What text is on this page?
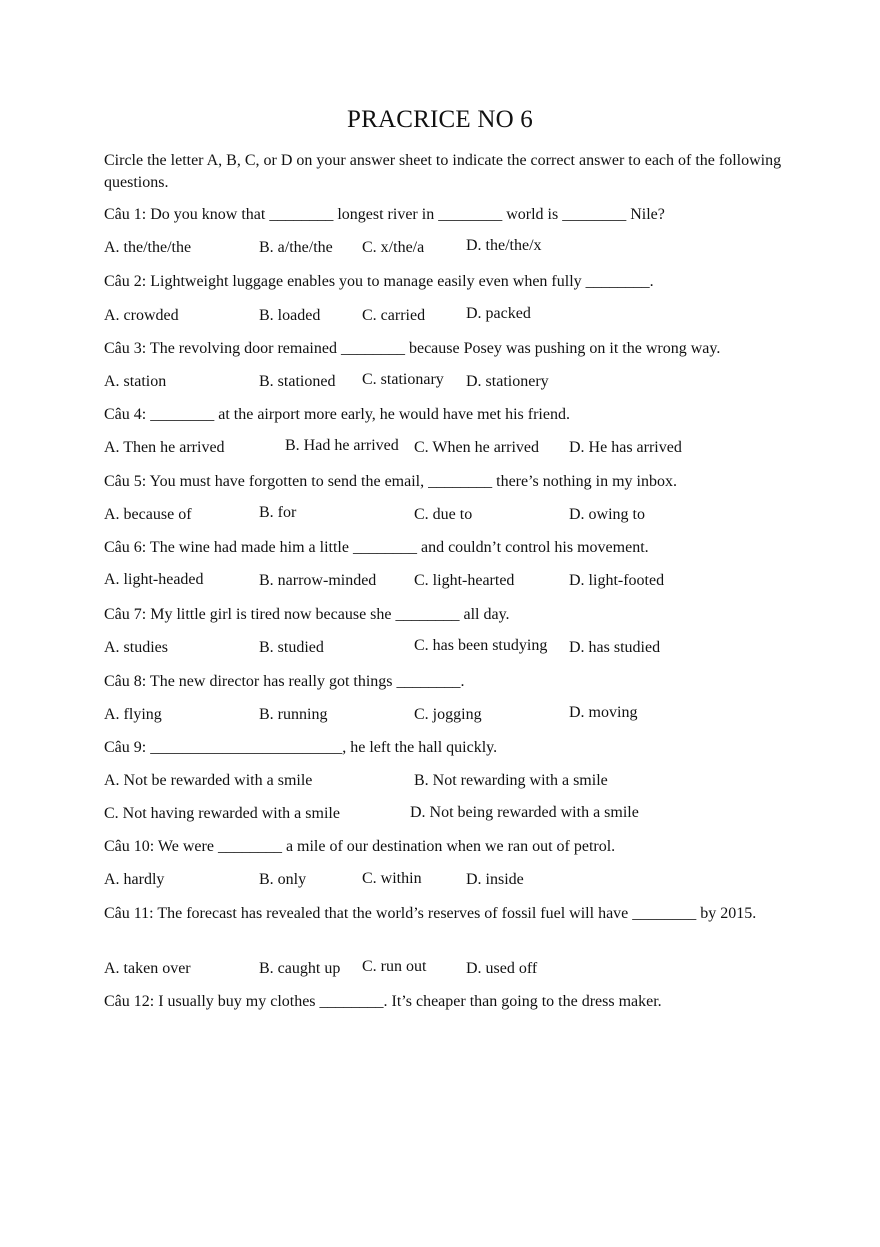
PRACRICE NO 6
Circle the letter A, B, C, or D on your answer sheet to indicate the correct answer to each of the following questions.
Câu 1: Do you know that ________ longest river in ________ world is ________ Nile?
A. the/the/the	B. a/the/the C. x/the/a	D. the/the/x
Câu 2: Lightweight luggage enables you to manage easily even when fully ________.
A. crowded	B. loaded	C. carried	D. packed
Câu 3: The revolving door remained ________ because Posey was pushing on it the wrong way.
A. station	B. stationed C. stationary D. stationery
Câu 4: ________ at the airport more early, he would have met his friend.
A. Then he arrived	B. Had he arrived C. When he arrived D. He has arrived
Câu 5: You must have forgotten to send the email, ________ there’s nothing in my inbox.
A. because of	B. for	C. due to	D. owing to
Câu 6: The wine had made him a little ________ and couldn’t control his movement.
A. light-headed	B. narrow-minded C. light-hearted	D. light-footed
Câu 7: My little girl is tired now because she ________ all day.
A. studies	B. studied	C. has been studying D. has studied
Câu 8: The new director has really got things ________.
A. flying	B. running	C. jogging	D. moving
Câu 9: ________________________, he left the hall quickly.
A. Not be rewarded with a smile	B. Not rewarding with a smile
C. Not having rewarded with a smile	D. Not being rewarded with a smile
Câu 10: We were ________ a mile of our destination when we ran out of petrol.
A. hardly	B. only	C. within	D. inside
Câu 11: The forecast has revealed that the world’s reserves of fossil fuel will have ________ by 2015.
A. taken over	B. caught up C. run out D. used off
Câu 12: I usually buy my clothes ________. It’s cheaper than going to the dress maker.
